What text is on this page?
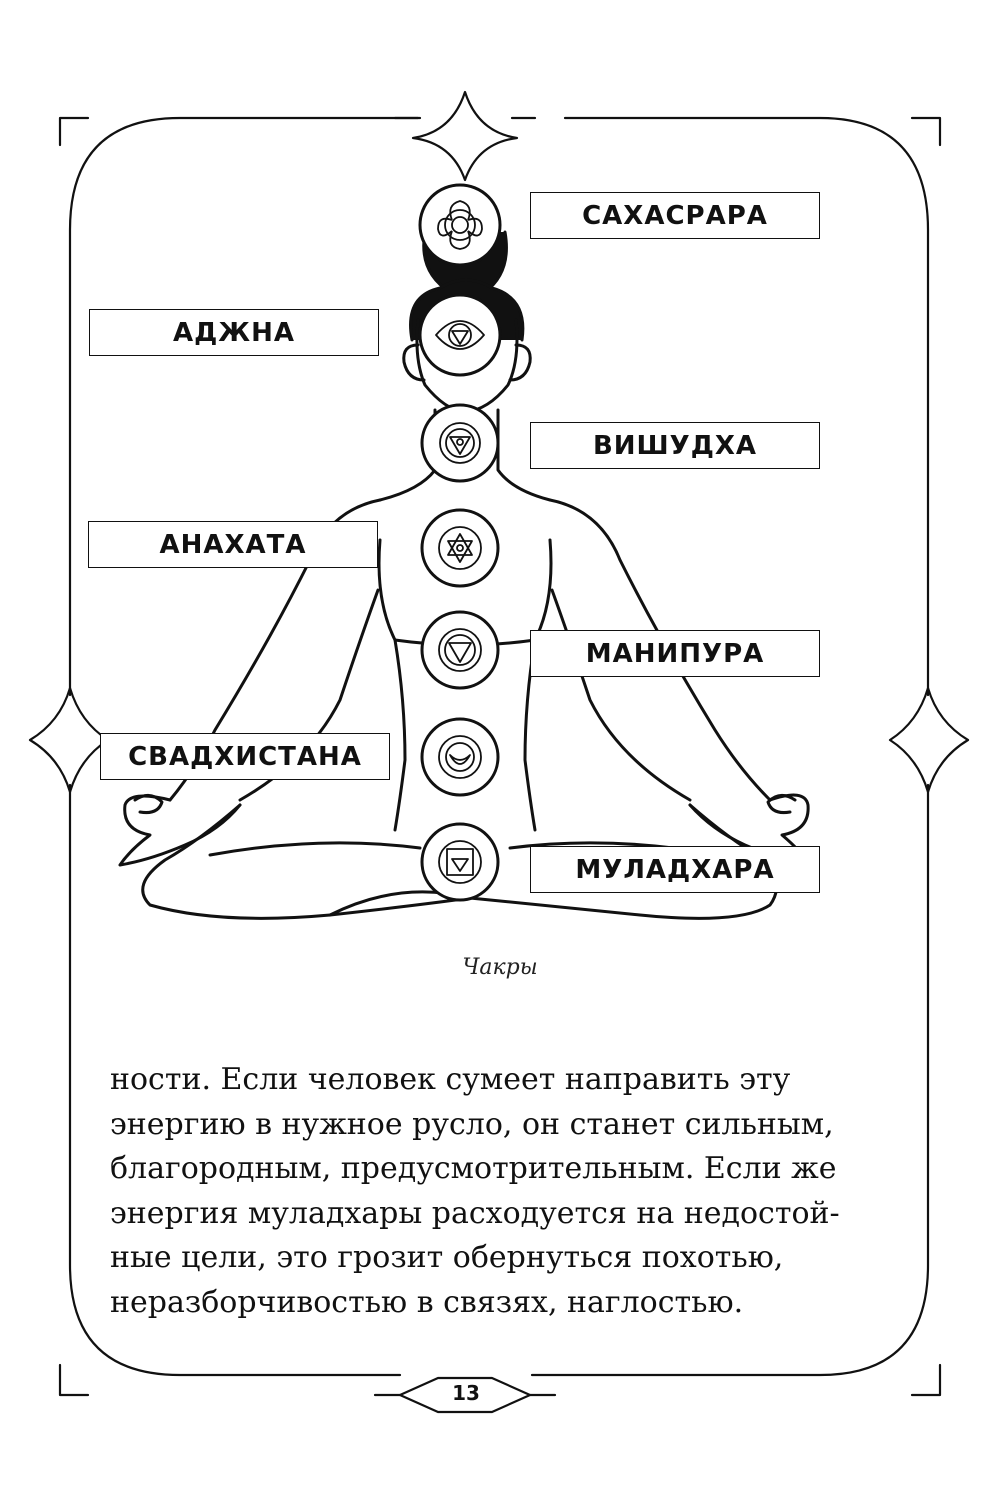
САХАСРАРА
АДЖНА
ВИШУДХА
АНАХАТА
МАНИПУРА
СВАДХИСТАНА
МУЛАДХАРА
Чакры
ности. Если человек сумеет направить эту
энергию в нужное русло, он станет сильным,
благородным, предусмотрительным. Если же
энергия муладхары расходуется на недостой-
ные цели, это грозит обернуться похотью,
неразборчивостью в связях, наглостью.
13
